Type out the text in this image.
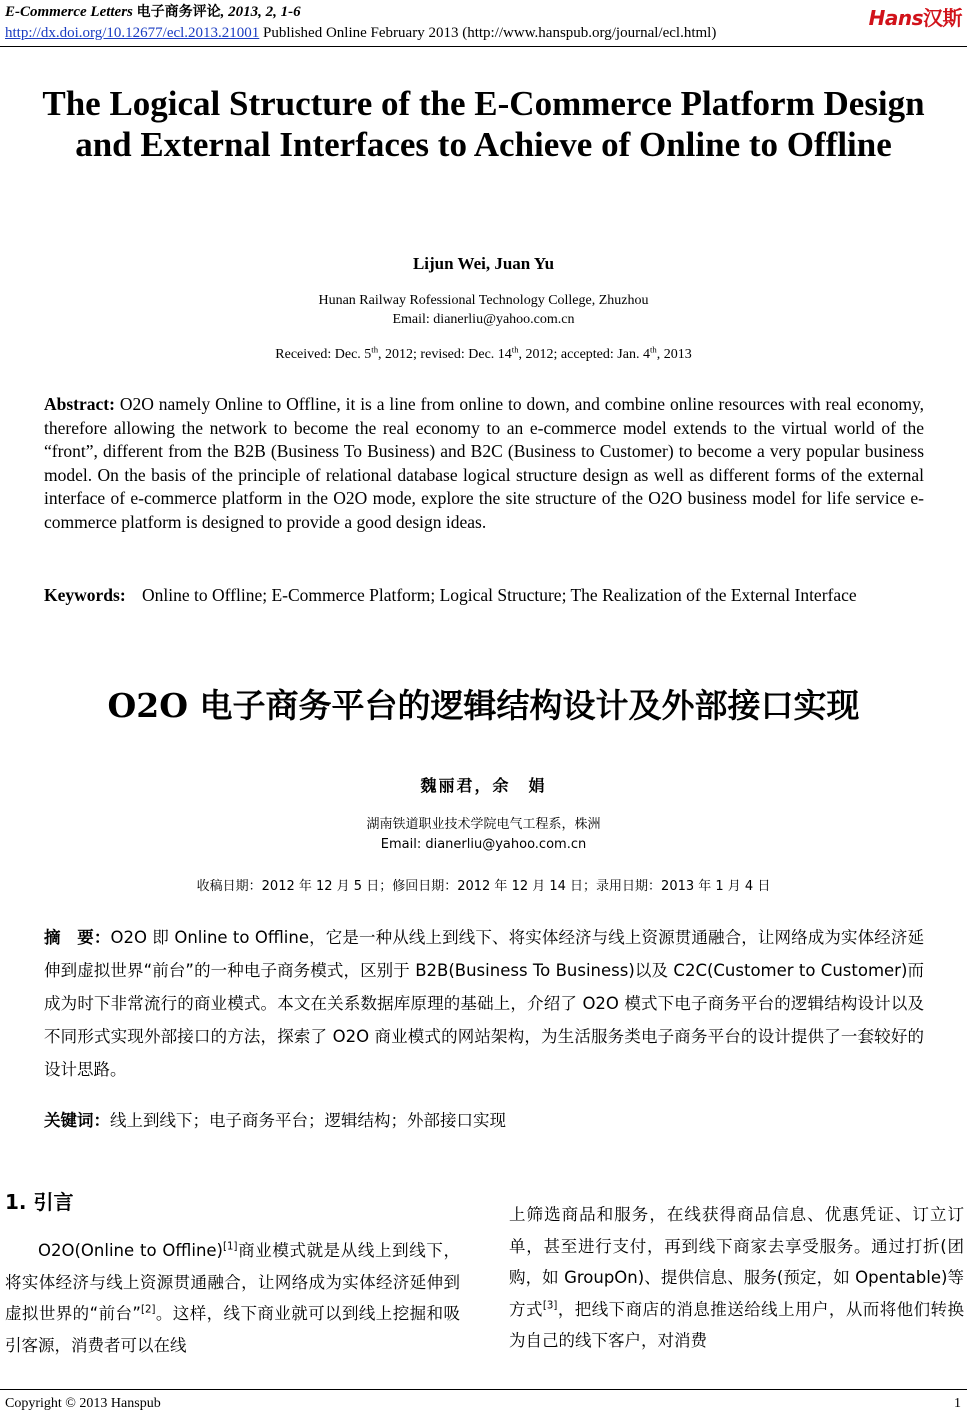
E-Commerce Letters 电子商务评论, 2013, 2, 1-6
http://dx.doi.org/10.12677/ecl.2013.21001 Published Online February 2013 (http://www.hanspub.org/journal/ecl.html)
Hans汉斯
The Logical Structure of the E-Commerce Platform Design and External Interfaces to Achieve of Online to Offline
Lijun Wei, Juan Yu
Hunan Railway Rofessional Technology College, Zhuzhou
Email: dianerliu@yahoo.com.cn
Received: Dec. 5th, 2012; revised: Dec. 14th, 2012; accepted: Jan. 4th, 2013
Abstract: O2O namely Online to Offline, it is a line from online to down, and combine online resources with real economy, therefore allowing the network to become the real economy to an e-commerce model extends to the virtual world of the “front”, different from the B2B (Business To Business) and B2C (Business to Customer) to become a very popular business model. On the basis of the principle of relational database logical structure design as well as different forms of the external interface of e-commerce platform in the O2O mode, explore the site structure of the O2O business model for life service e-commerce platform is designed to provide a good design ideas.
Keywords: Online to Offline; E-Commerce Platform; Logical Structure; The Realization of the External Interface
O2O 电子商务平台的逻辑结构设计及外部接口实现
魏丽君，余　娟
湖南铁道职业技术学院电气工程系，株洲
Email: dianerliu@yahoo.com.cn
收稿日期：2012 年 12 月 5 日；修回日期：2012 年 12 月 14 日；录用日期：2013 年 1 月 4 日
摘　要：O2O 即 Online to Offline，它是一种从线上到线下、将实体经济与线上资源贯通融合，让网络成为实体经济延伸到虚拟世界“前台”的一种电子商务模式，区别于 B2B(Business To Business)以及 C2C(Customer to Customer)而成为时下非常流行的商业模式。本文在关系数据库原理的基础上，介绍了 O2O 模式下电子商务平台的逻辑结构设计以及不同形式实现外部接口的方法，探索了 O2O 商业模式的网站架构，为生活服务类电子商务平台的设计提供了一套较好的设计思路。
关键词：线上到线下；电子商务平台；逻辑结构；外部接口实现
1. 引言
O2O(Online to Offline)[1]商业模式就是从线上到线下，将实体经济与线上资源贯通融合，让网络成为实体经济延伸到虚拟世界的“前台”[2]。这样，线下商业就可以到线上挖掘和吸引客源，消费者可以在线
上筛选商品和服务，在线获得商品信息、优惠凭证、订立订单，甚至进行支付，再到线下商家去享受服务。通过打折(团购，如 GroupOn)、提供信息、服务(预定，如 Opentable)等方式[3]，把线下商店的消息推送给线上用户，从而将他们转换为自己的线下客户，对消费
Copyright © 2013 Hanspub	1
